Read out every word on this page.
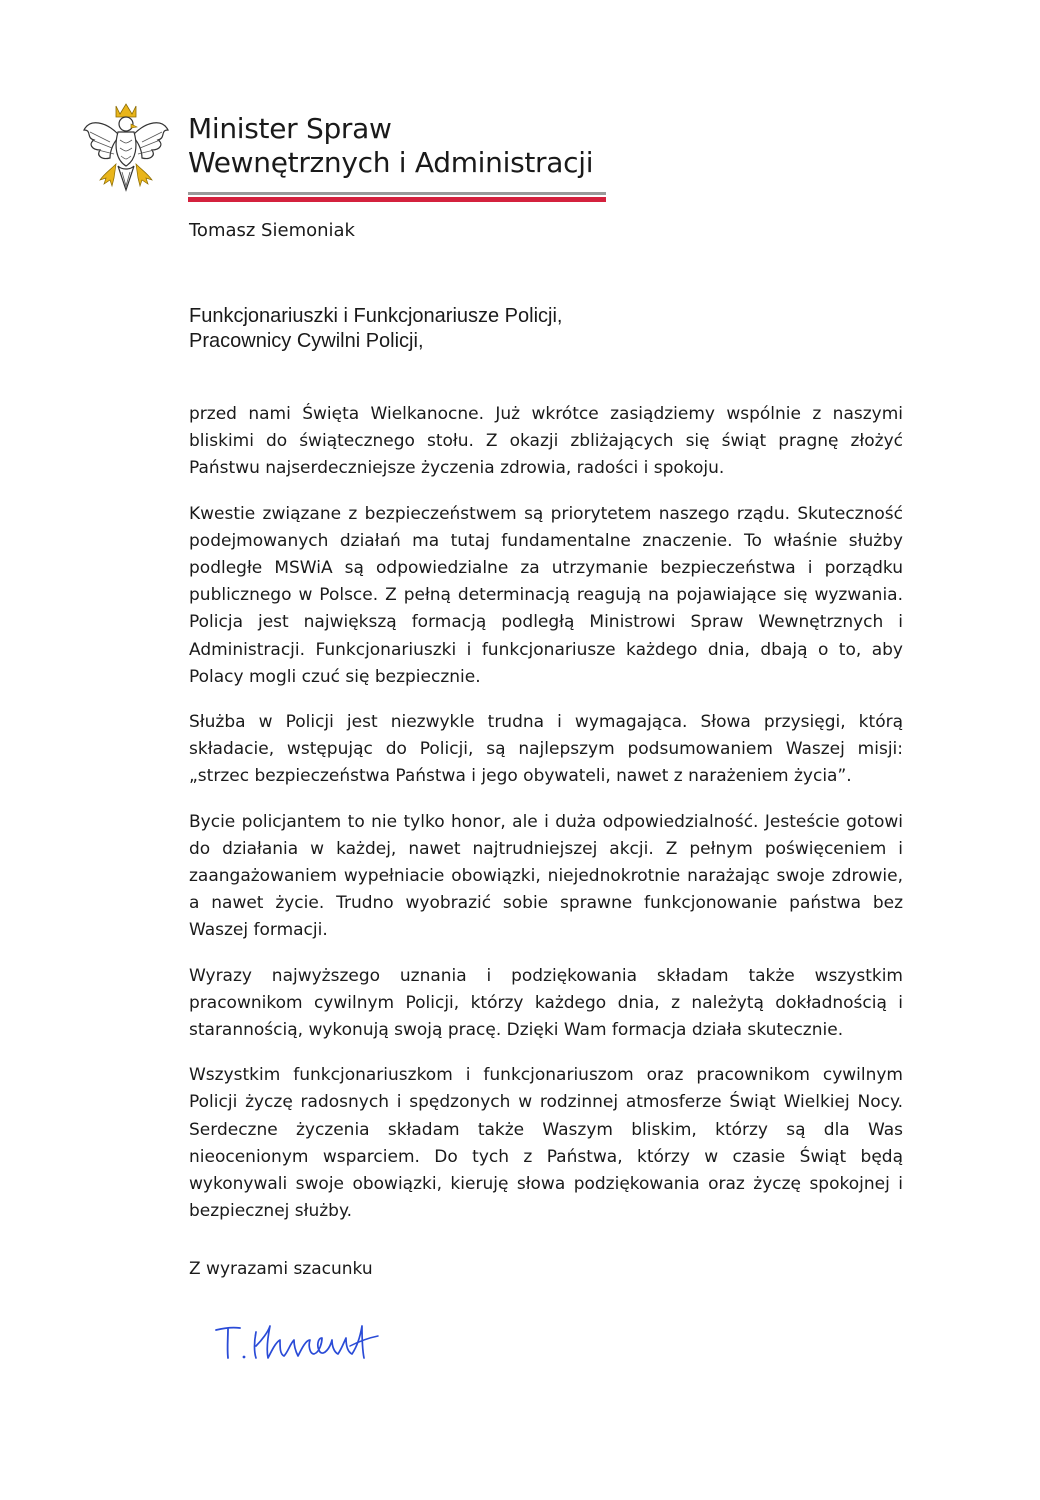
Minister Spraw
Wewnętrznych i Administracji
Tomasz Siemoniak
Funkcjonariuszki i Funkcjonariusze Policji,
Pracownicy Cywilni Policji,

przed nami Święta Wielkanocne. Już wkrótce zasiądziemy wspólnie z naszymi bliskimi do świątecznego stołu. Z okazji zbliżających się świąt pragnę złożyć Państwu najserdeczniejsze życzenia zdrowia, radości i spokoju.

Kwestie związane z bezpieczeństwem są priorytetem naszego rządu. Skuteczność podejmowanych działań ma tutaj fundamentalne znaczenie. To właśnie służby podległe MSWiA są odpowiedzialne za utrzymanie bezpieczeństwa i porządku publicznego w Polsce. Z pełną determinacją reagują na pojawiające się wyzwania. Policja jest największą formacją podległą Ministrowi Spraw Wewnętrznych i Administracji. Funkcjonariuszki i funkcjonariusze każdego dnia, dbają o to, aby Polacy mogli czuć się bezpiecznie.

Służba w Policji jest niezwykle trudna i wymagająca. Słowa przysięgi, którą składacie, wstępując do Policji, są najlepszym podsumowaniem Waszej misji: „strzec bezpieczeństwa Państwa i jego obywateli, nawet z narażeniem życia”.

Bycie policjantem to nie tylko honor, ale i duża odpowiedzialność. Jesteście gotowi do działania w każdej, nawet najtrudniejszej akcji. Z pełnym poświęceniem i zaangażowaniem wypełniacie obowiązki, niejednokrotnie narażając swoje zdrowie, a nawet życie. Trudno wyobrazić sobie sprawne funkcjonowanie państwa bez Waszej formacji.

Wyrazy najwyższego uznania i podziękowania składam także wszystkim pracownikom cywilnym Policji, którzy każdego dnia, z należytą dokładnością i starannością, wykonują swoją pracę. Dzięki Wam formacja działa skutecznie.

Wszystkim funkcjonariuszkom i funkcjonariuszom oraz pracownikom cywilnym Policji życzę radosnych i spędzonych w rodzinnej atmosferze Świąt Wielkiej Nocy. Serdeczne życzenia składam także Waszym bliskim, którzy są dla Was nieocenionym wsparciem. Do tych z Państwa, którzy w czasie Świąt będą wykonywali swoje obowiązki, kieruję słowa podziękowania oraz życzę spokojnej i bezpiecznej służby.

Z wyrazami szacunku
